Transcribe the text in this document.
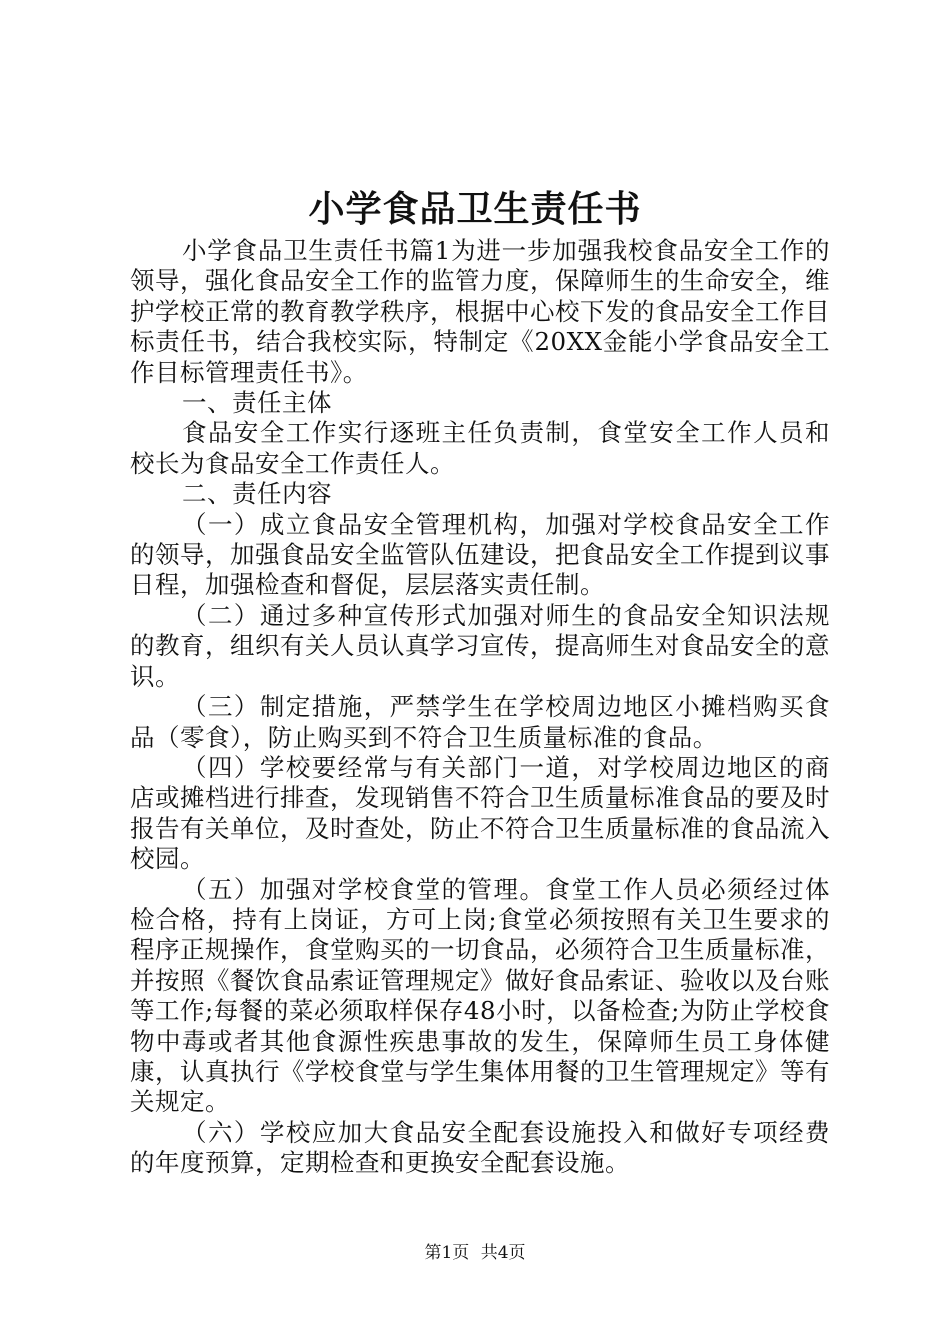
小学食品卫生责任书

小学食品卫生责任书篇1为进一步加强我校食品安全工作的领导，强化食品安全工作的监管力度，保障师生的生命安全，维护学校正常的教育教学秩序，根据中心校下发的食品安全工作目标责任书，结合我校实际，特制定《20XX金能小学食品安全工作目标管理责任书》。

一、责任主体

食品安全工作实行逐班主任负责制，食堂安全工作人员和校长为食品安全工作责任人。

二、责任内容

（一）成立食品安全管理机构，加强对学校食品安全工作的领导，加强食品安全监管队伍建设，把食品安全工作提到议事日程，加强检查和督促，层层落实责任制。

（二）通过多种宣传形式加强对师生的食品安全知识法规的教育，组织有关人员认真学习宣传，提高师生对食品安全的意识。

（三）制定措施，严禁学生在学校周边地区小摊档购买食品（零食），防止购买到不符合卫生质量标准的食品。

（四）学校要经常与有关部门一道，对学校周边地区的商店或摊档进行排查，发现销售不符合卫生质量标准食品的要及时报告有关单位，及时查处，防止不符合卫生质量标准的食品流入校园。

（五）加强对学校食堂的管理。食堂工作人员必须经过体检合格，持有上岗证，方可上岗;食堂必须按照有关卫生要求的程序正规操作，食堂购买的一切食品，必须符合卫生质量标准，并按照《餐饮食品索证管理规定》做好食品索证、验收以及台账等工作;每餐的菜必须取样保存48小时，以备检查;为防止学校食物中毒或者其他食源性疾患事故的发生，保障师生员工身体健康，认真执行《学校食堂与学生集体用餐的卫生管理规定》等有关规定。

（六）学校应加大食品安全配套设施投入和做好专项经费的年度预算，定期检查和更换安全配套设施。

第1页 共4页
